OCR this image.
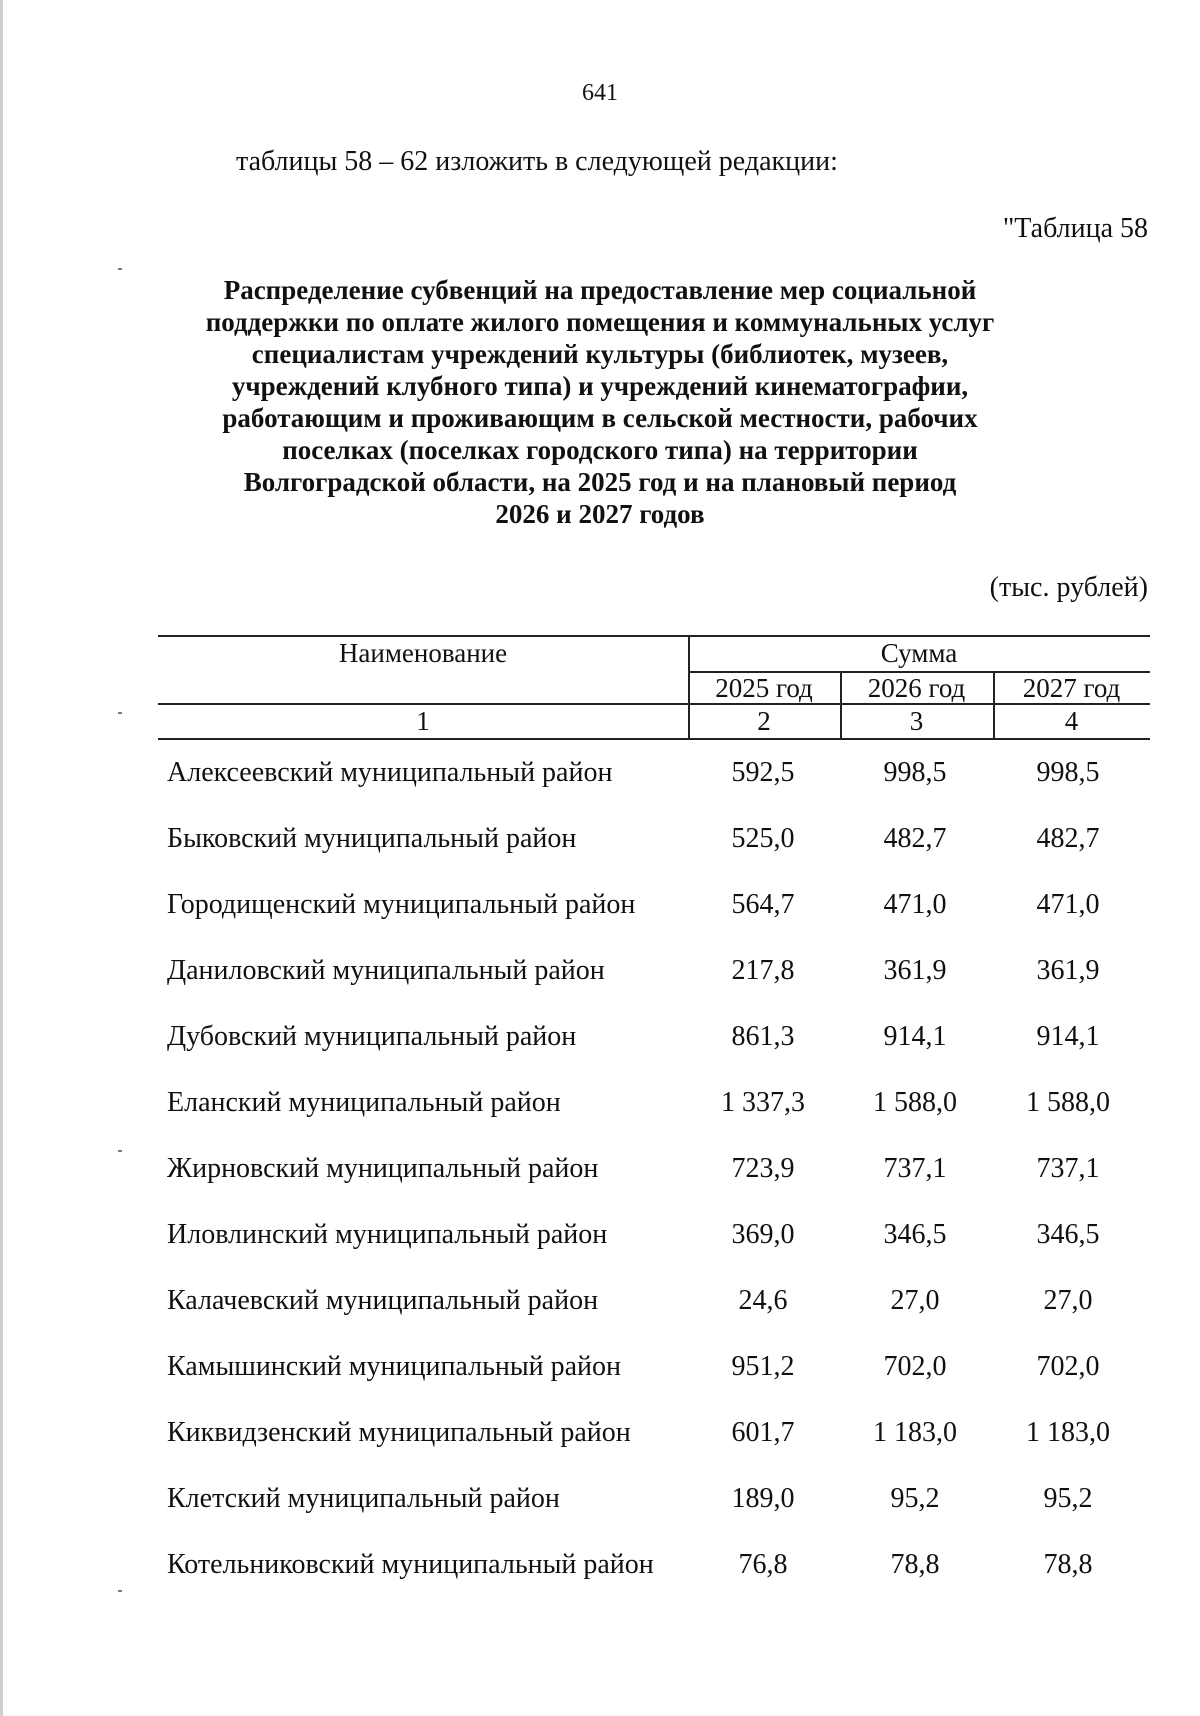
641
таблицы 58 – 62 изложить в следующей редакции:
"Таблица 58
Распределение субвенций на предоставление мер социальной
поддержки по оплате жилого помещения и коммунальных услуг
специалистам учреждений культуры (библиотек, музеев,
учреждений клубного типа) и учреждений кинематографии,
работающим и проживающим в сельской местности, рабочих
поселках (поселках городского типа) на территории
Волгоградской области, на 2025 год и на плановый период
2026 и 2027 годов
(тыс. рублей)
Наименование	Сумма
2025 год	2026 год	2027 год
1	2	3	4
Алексеевский муниципальный район	592,5	998,5	998,5
Быковский муниципальный район	525,0	482,7	482,7
Городищенский муниципальный район	564,7	471,0	471,0
Даниловский муниципальный район	217,8	361,9	361,9
Дубовский муниципальный район	861,3	914,1	914,1
Еланский муниципальный район	1 337,3	1 588,0	1 588,0
Жирновский муниципальный район	723,9	737,1	737,1
Иловлинский муниципальный район	369,0	346,5	346,5
Калачевский муниципальный район	24,6	27,0	27,0
Камышинский муниципальный район	951,2	702,0	702,0
Киквидзенский муниципальный район	601,7	1 183,0	1 183,0
Клетский муниципальный район	189,0	95,2	95,2
Котельниковский муниципальный район	76,8	78,8	78,8
